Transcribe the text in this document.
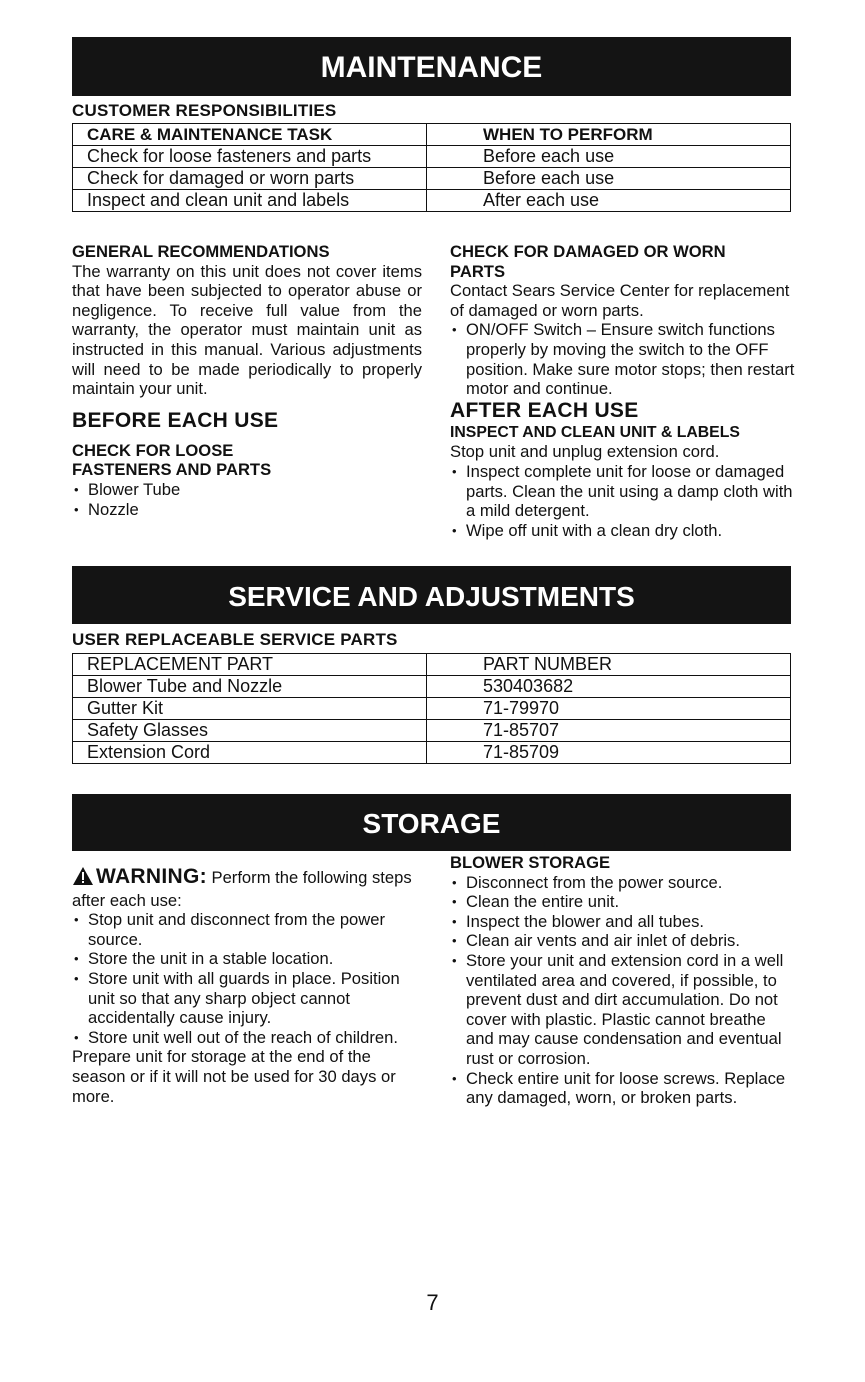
MAINTENANCE
CUSTOMER RESPONSIBILITIES
CARE & MAINTENANCE TASK	WHEN TO PERFORM
Check for loose fasteners and parts	Before each use
Check for damaged or worn parts	Before each use
Inspect and clean unit and labels	After each use

GENERAL RECOMMENDATIONS

The warranty on this unit does not cover items that have been subjected to operator abuse or negligence. To receive full value from the warranty, the operator must maintain unit as instructed in this manual. Various adjustments will need to be made periodically to properly maintain your unit.

BEFORE EACH USE

CHECK FOR LOOSE FASTENERS AND PARTS

• Blower Tube
• Nozzle

CHECK FOR DAMAGED OR WORN PARTS

Contact Sears Service Center for replacement of damaged or worn parts.

• ON/OFF Switch – Ensure switch functions properly by moving the switch to the OFF position. Make sure motor stops; then restart motor and continue.

AFTER EACH USE

INSPECT AND CLEAN UNIT & LABELS

Stop unit and unplug extension cord.

• Inspect complete unit for loose or damaged parts. Clean the unit using a damp cloth with a mild detergent.
• Wipe off unit with a clean dry cloth.
SERVICE AND ADJUSTMENTS
USER REPLACEABLE SERVICE PARTS
REPLACEMENT PART	PART NUMBER
Blower Tube and Nozzle	530403682
Gutter Kit	71-79970
Safety Glasses	71-85707
Extension Cord	71-85709
STORAGE

WARNING: Perform the following steps after each use:

• Stop unit and disconnect from the power source.
• Store the unit in a stable location.
• Store unit with all guards in place. Position unit so that any sharp object cannot accidentally cause injury.
• Store unit well out of the reach of children.

Prepare unit for storage at the end of the season or if it will not be used for 30 days or more.

BLOWER STORAGE

• Disconnect from the power source.
• Clean the entire unit.
• Inspect the blower and all tubes.
• Clean air vents and air inlet of debris.
• Store your unit and extension cord in a well ventilated area and covered, if possible, to prevent dust and dirt accumulation. Do not cover with plastic. Plastic cannot breathe and may cause condensation and eventual rust or corrosion.
• Check entire unit for loose screws. Replace any damaged, worn, or broken parts.
7
